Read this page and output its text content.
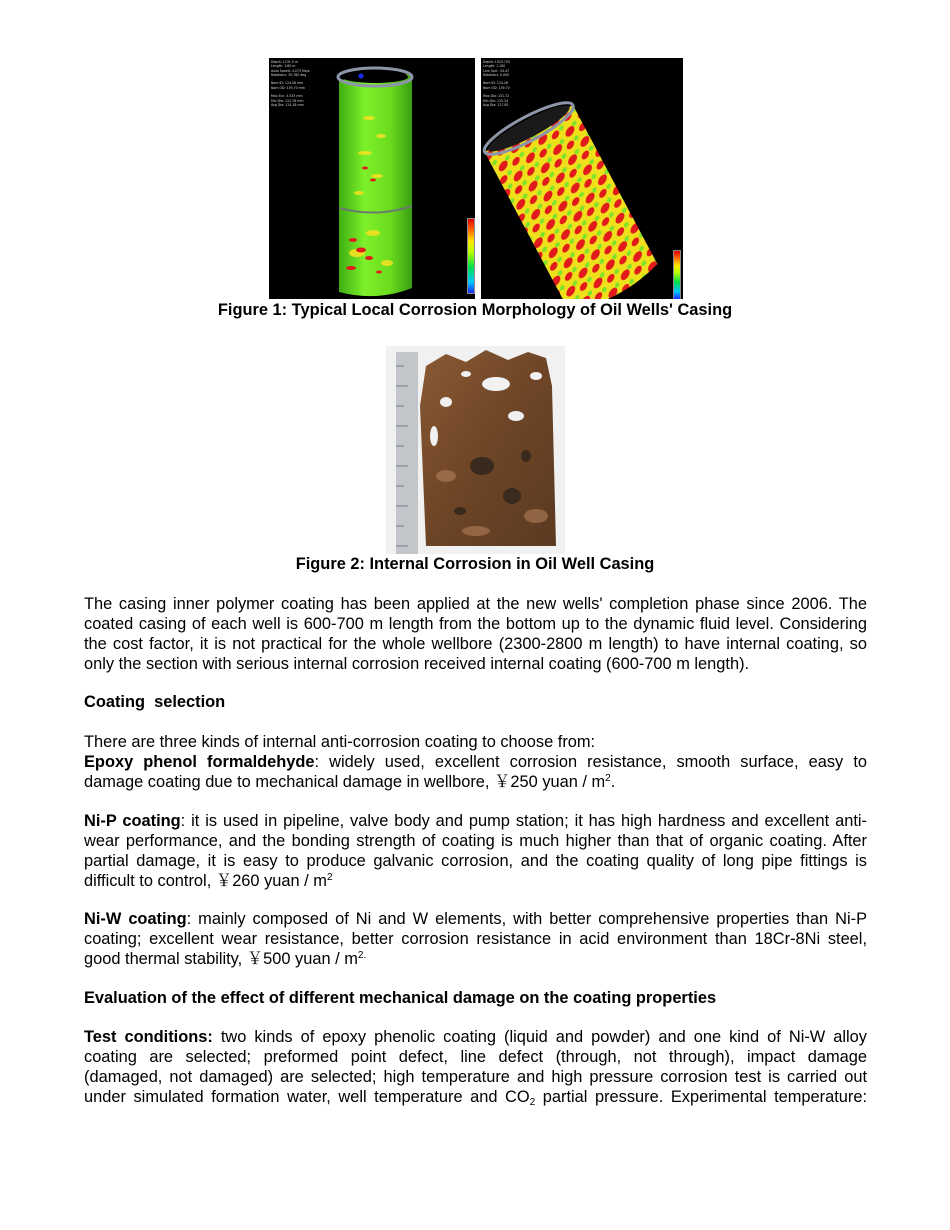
Depth: 1231.5 m
Length: 1.60 m
Axial Speed: 4.073 Ma/s
Rotations: 35.760 deg

Nom ID: 124.26 mm
Nom OD: 139.70 mm

Max Ecc: 3.533 mm
Min Dia: 122.76 mm
Avg Dia: 124.18 mm
Depth: 1923.703
Length: 1.100
Line Spd: -34.47
Rotations: 0.000

Nom ID: 124.26
Nom OD: 139.70

Max Dia: 131.72
Min Dia: 125.24
Avg Dia: 127.85
Figure 1: Typical Local Corrosion Morphology of Oil Wells' Casing
Figure 2: Internal Corrosion in Oil Well Casing
The casing inner polymer coating has been applied at the new wells' completion phase since 2006. The
coated casing of each well is 600-700 m length from the bottom up to the dynamic fluid level. Considering
the cost factor, it is not practical for the whole wellbore (2300-2800 m length) to have internal coating, so
only the section with serious internal corrosion received internal coating (600-700 m length).
Coating  selection
There are three kinds of internal anti-corrosion coating to choose from:
Epoxy phenol formaldehyde: widely used, excellent corrosion resistance, smooth surface, easy to
damage coating due to mechanical damage in wellbore, ￥250 yuan / $m^2$.
Ni-P coating: it is used in pipeline, valve body and pump station; it has high hardness and excellent anti-
wear performance, and the bonding strength of coating is much higher than that of organic coating. After
partial damage, it is easy to produce galvanic corrosion, and the coating quality of long pipe fittings is
difficult to control, ￥260 yuan / $m^2$
Ni-W coating: mainly composed of Ni and W elements, with better comprehensive properties than Ni-P
coating; excellent wear resistance, better corrosion resistance in acid environment than 18Cr-8Ni steel,
good thermal stability, ￥500 yuan / $m^{2.}$
Evaluation of the effect of different mechanical damage on the coating properties
Test conditions: two kinds of epoxy phenolic coating (liquid and powder) and one kind of Ni-W alloy
coating are selected; preformed point defect, line defect (through, not through), impact damage
(damaged, not damaged) are selected; high temperature and high pressure corrosion test is carried out
under simulated formation water, well temperature and $CO_2$ partial pressure. Experimental temperature:
